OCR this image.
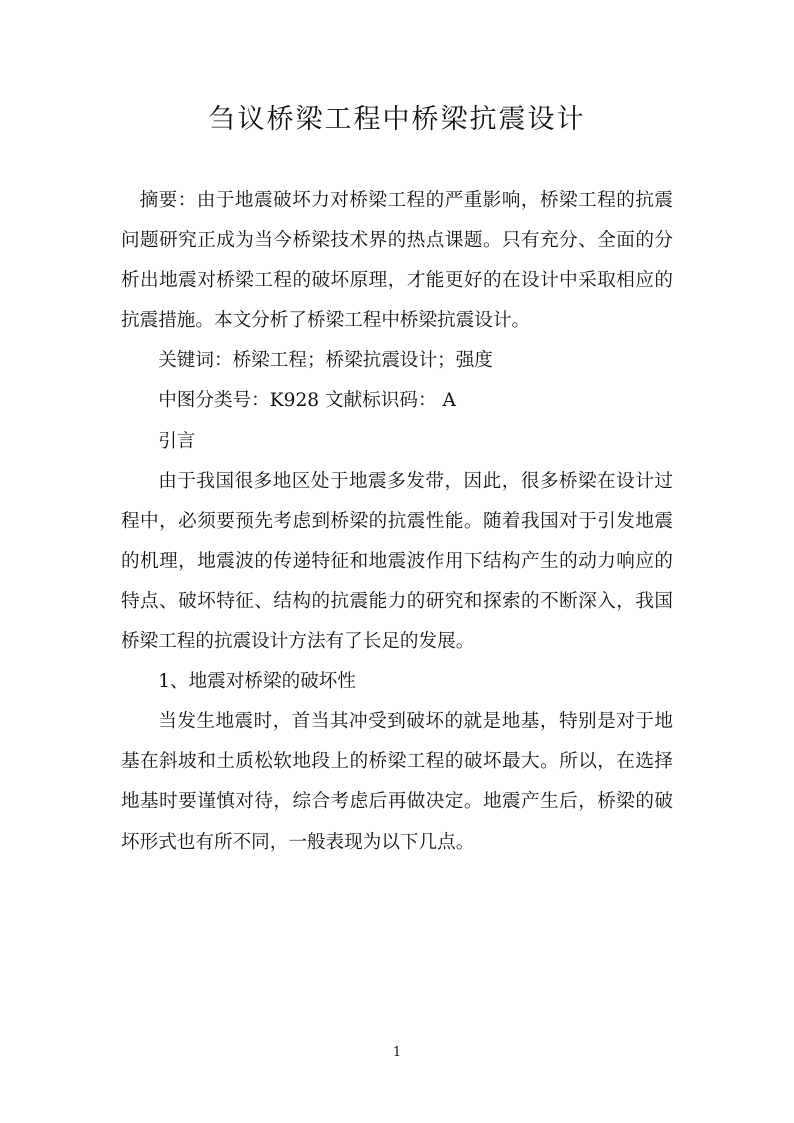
刍议桥梁工程中桥梁抗震设计

摘要：由于地震破坏力对桥梁工程的严重影响，桥梁工程的抗震问题研究正成为当今桥梁技术界的热点课题。只有充分、全面的分析出地震对桥梁工程的破坏原理，才能更好的在设计中采取相应的抗震措施。本文分析了桥梁工程中桥梁抗震设计。

关键词：桥梁工程；桥梁抗震设计；强度

中图分类号：K928 文献标识码： A

引言

由于我国很多地区处于地震多发带，因此，很多桥梁在设计过程中，必须要预先考虑到桥梁的抗震性能。随着我国对于引发地震的机理，地震波的传递特征和地震波作用下结构产生的动力响应的特点、破坏特征、结构的抗震能力的研究和探索的不断深入，我国桥梁工程的抗震设计方法有了长足的发展。

1、地震对桥梁的破坏性

当发生地震时，首当其冲受到破坏的就是地基，特别是对于地基在斜坡和土质松软地段上的桥梁工程的破坏最大。所以，在选择地基时要谨慎对待，综合考虑后再做决定。地震产生后，桥梁的破坏形式也有所不同，一般表现为以下几点。

1
